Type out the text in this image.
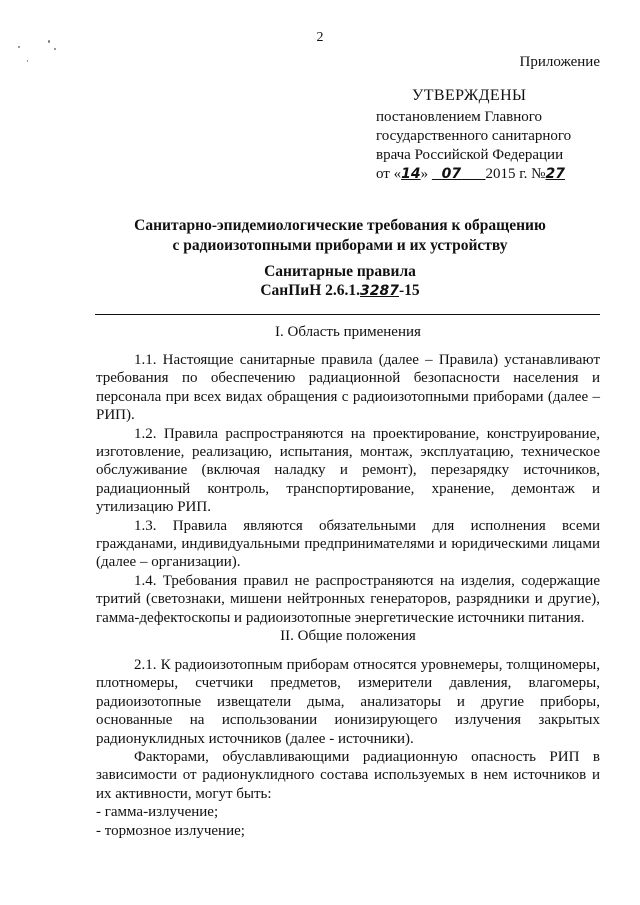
2
Приложение
УТВЕРЖДЕНЫ
постановлением Главного
государственного санитарного
врача Российской Федерации
от «14» 07 2015 г. №27
Санитарно-эпидемиологические требования к обращению
с радиоизотопными приборами и их устройству
Санитарные правила
СанПиН 2.6.1.3287-15
I. Область применения

1.1. Настоящие санитарные правила (далее – Правила) устанавливают требования по обеспечению радиационной безопасности населения и персонала при всех видах обращения с радиоизотопными приборами (далее – РИП).

1.2. Правила распространяются на проектирование, конструирование, изготовление, реализацию, испытания, монтаж, эксплуатацию, техническое обслуживание (включая наладку и ремонт), перезарядку источников, радиационный контроль, транспортирование, хранение, демонтаж и утилизацию РИП.

1.3. Правила являются обязательными для исполнения всеми гражданами, индивидуальными предпринимателями и юридическими лицами (далее – организации).

1.4. Требования правил не распространяются на изделия, содержащие тритий (светознаки, мишени нейтронных генераторов, разрядники и другие), гамма-дефектоскопы и радиоизотопные энергетические источники питания.

II. Общие положения

2.1. К радиоизотопным приборам относятся уровнемеры, толщиномеры, плотномеры, счетчики предметов, измерители давления, влагомеры, радиоизотопные извещатели дыма, анализаторы и другие приборы, основанные на использовании ионизирующего излучения закрытых радионуклидных источников (далее - источники).

Факторами, обуславливающими радиационную опасность РИП в зависимости от радионуклидного состава используемых в нем источников и их активности, могут быть:

- гамма-излучение;

- тормозное излучение;
